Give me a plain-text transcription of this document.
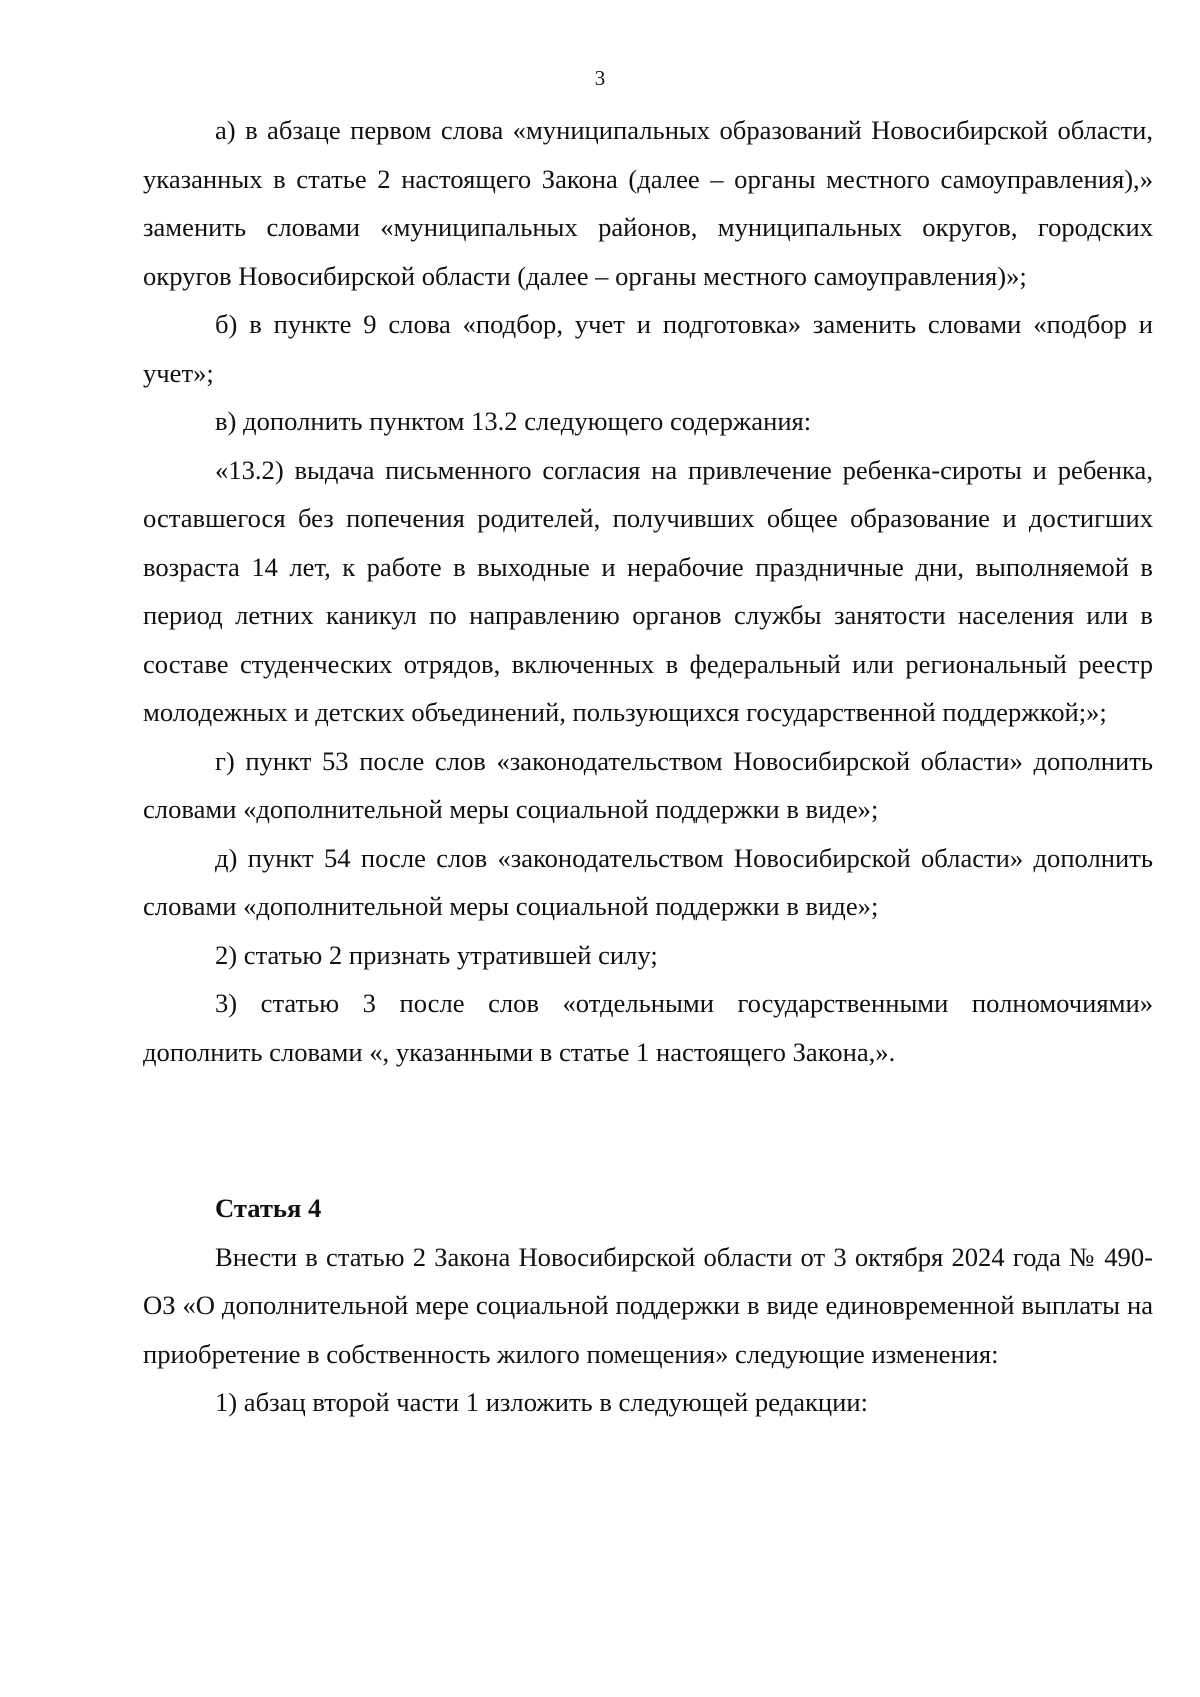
3

а) в абзаце первом слова «муниципальных образований Новосибирской области, указанных в статье 2 настоящего Закона (далее – органы местного самоуправления),» заменить словами «муниципальных районов, муниципальных округов, городских округов Новосибирской области (далее – органы местного самоуправления)»;

б) в пункте 9 слова «подбор, учет и подготовка» заменить словами «подбор и учет»;

в) дополнить пунктом 13.2 следующего содержания:

«13.2) выдача письменного согласия на привлечение ребенка-сироты и ребенка, оставшегося без попечения родителей, получивших общее образование и достигших возраста 14 лет, к работе в выходные и нерабочие праздничные дни, выполняемой в период летних каникул по направлению органов службы занятости населения или в составе студенческих отрядов, включенных в федеральный или региональный реестр молодежных и детских объединений, пользующихся государственной поддержкой;»;

г) пункт 53 после слов «законодательством Новосибирской области» дополнить словами «дополнительной меры социальной поддержки в виде»;

д) пункт 54 после слов «законодательством Новосибирской области» дополнить словами «дополнительной меры социальной поддержки в виде»;

2) статью 2 признать утратившей силу;

3) статью 3 после слов «отдельными государственными полномочиями» дополнить словами «, указанными в статье 1 настоящего Закона,».

Статья 4

Внести в статью 2 Закона Новосибирской области от 3 октября 2024 года № 490-ОЗ «О дополнительной мере социальной поддержки в виде единовременной выплаты на приобретение в собственность жилого помещения» следующие изменения:

1) абзац второй части 1 изложить в следующей редакции:
